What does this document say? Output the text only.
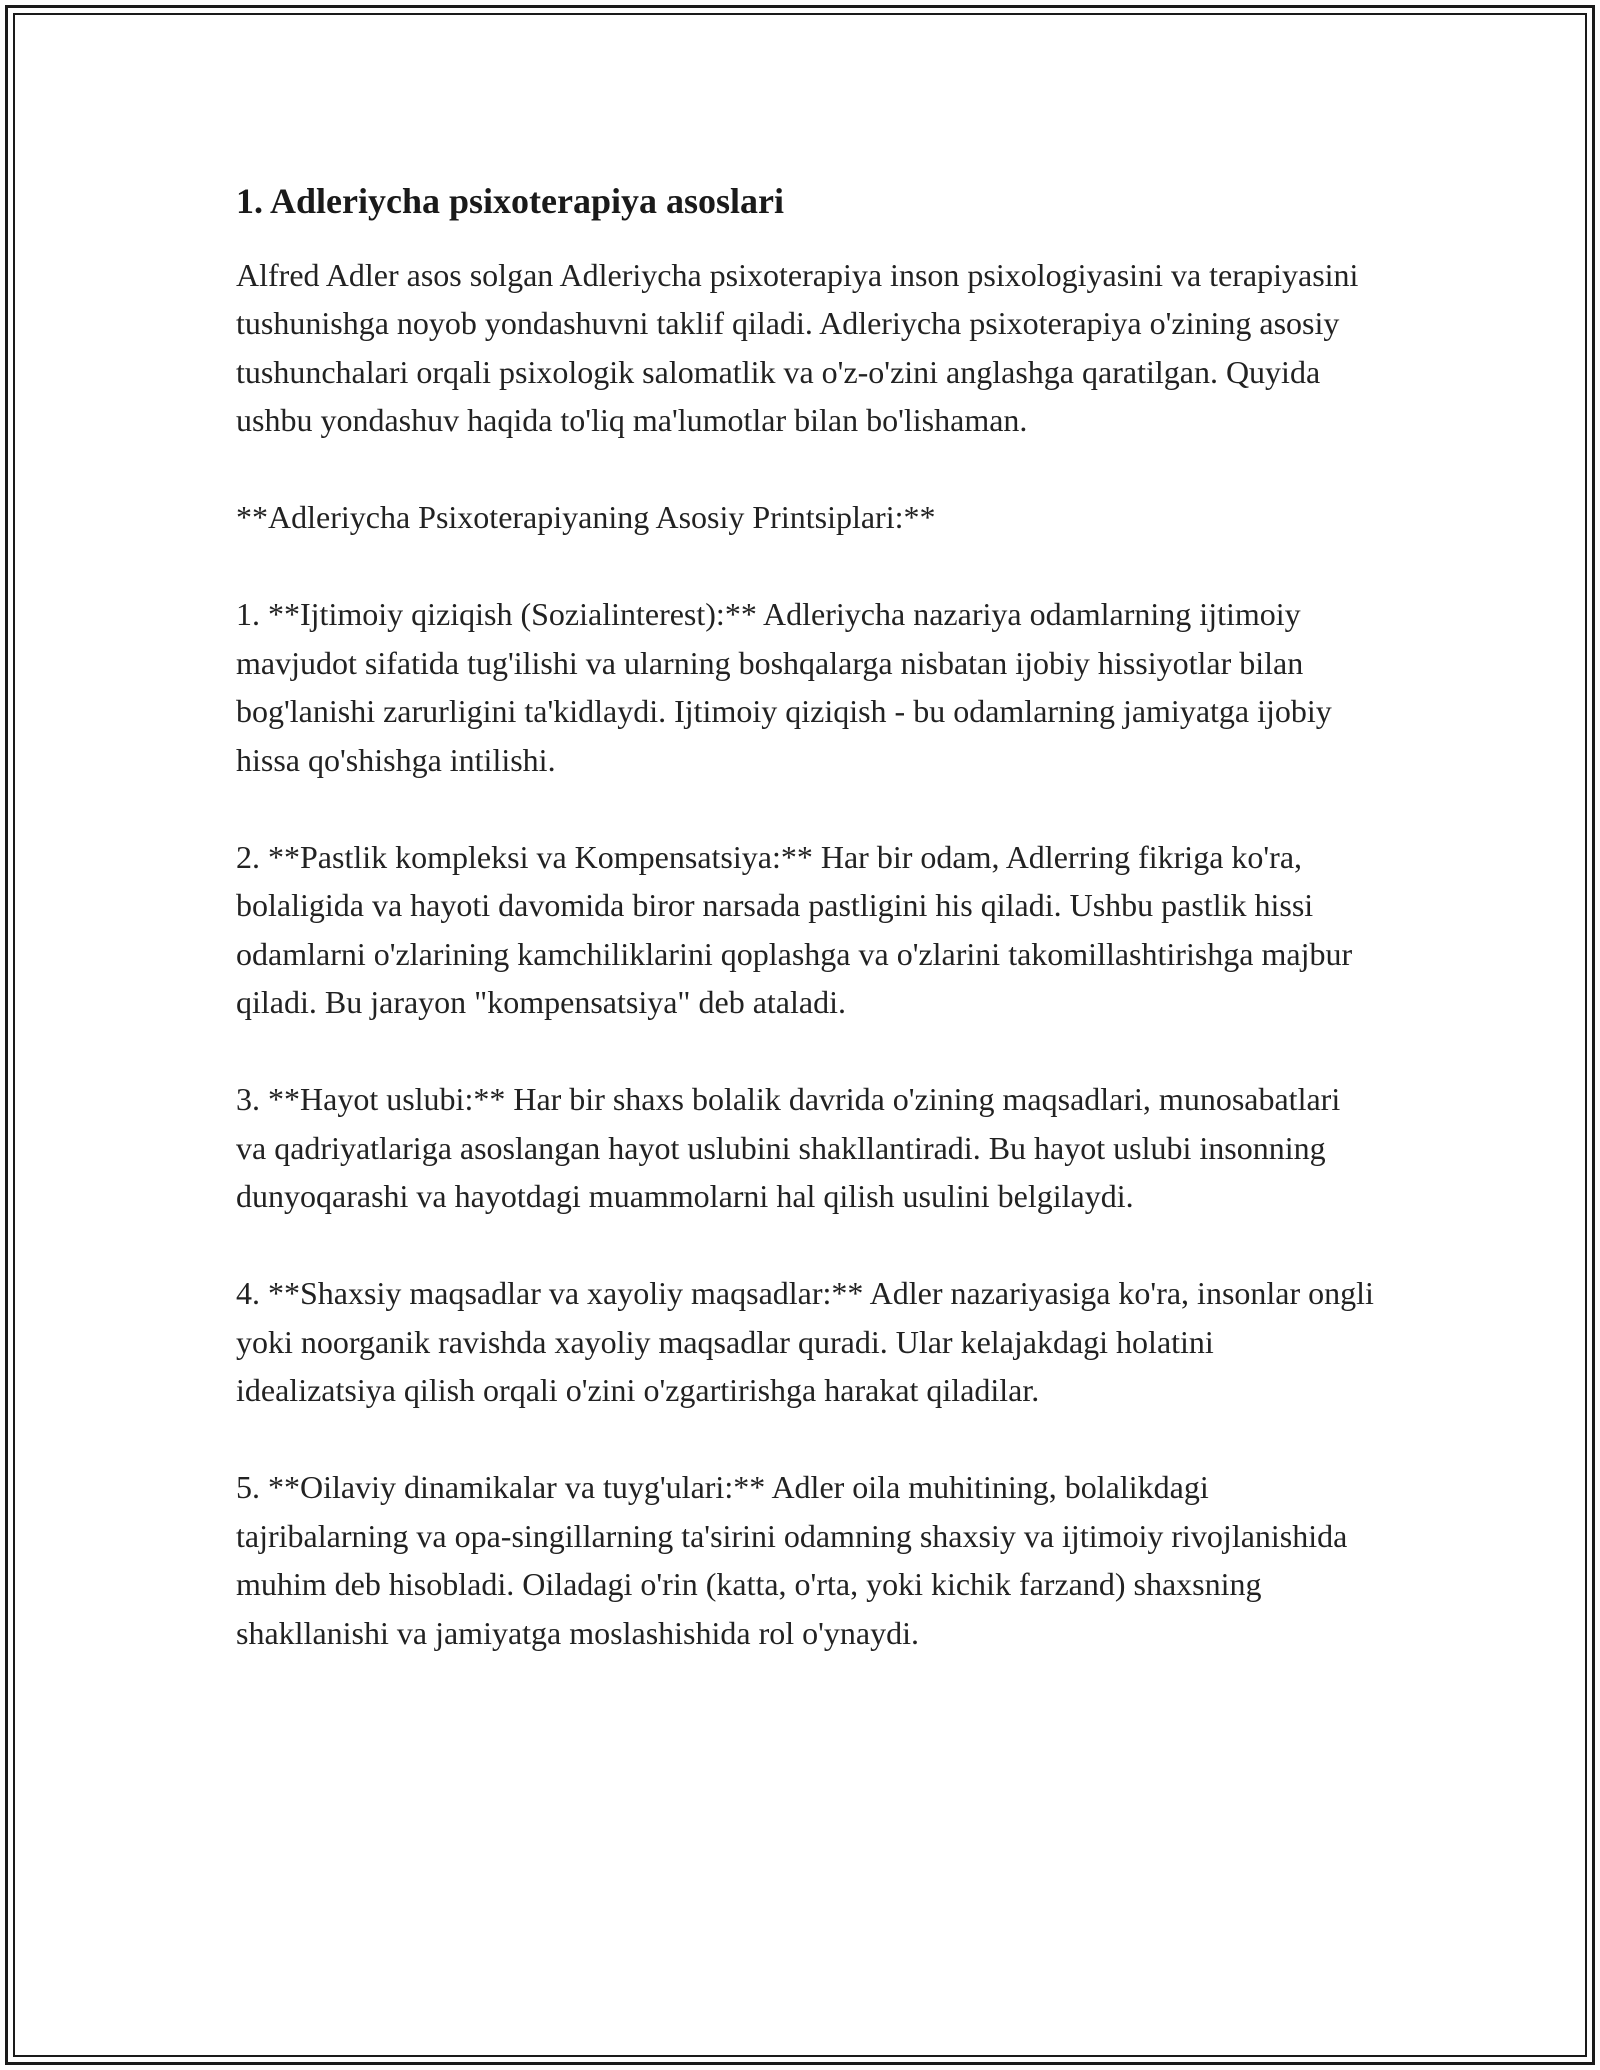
1. Adleriycha psixoterapiya asoslari

Alfred Adler asos solgan Adleriycha psixoterapiya inson psixologiyasini va terapiyasini tushunishga noyob yondashuvni taklif qiladi. Adleriycha psixoterapiya o'zining asosiy tushunchalari orqali psixologik salomatlik va o'z-o'zini anglashga qaratilgan. Quyida ushbu yondashuv haqida to'liq ma'lumotlar bilan bo'lishaman.

**Adleriycha Psixoterapiyaning Asosiy Printsiplari:**

1. **Ijtimoiy qiziqish (Sozialinterest):** Adleriycha nazariya odamlarning ijtimoiy mavjudot sifatida tug'ilishi va ularning boshqalarga nisbatan ijobiy hissiyotlar bilan bog'lanishi zarurligini ta'kidlaydi. Ijtimoiy qiziqish - bu odamlarning jamiyatga ijobiy hissa qo'shishga intilishi.

2. **Pastlik kompleksi va Kompensatsiya:** Har bir odam, Adlerring fikriga ko'ra, bolaligida va hayoti davomida biror narsada pastligini his qiladi. Ushbu pastlik hissi odamlarni o'zlarining kamchiliklarini qoplashga va o'zlarini takomillashtirishga majbur qiladi. Bu jarayon "kompensatsiya" deb ataladi.

3. **Hayot uslubi:** Har bir shaxs bolalik davrida o'zining maqsadlari, munosabatlari va qadriyatlariga asoslangan hayot uslubini shakllantiradi. Bu hayot uslubi insonning dunyoqarashi va hayotdagi muammolarni hal qilish usulini belgilaydi.

4. **Shaxsiy maqsadlar va xayoliy maqsadlar:** Adler nazariyasiga ko'ra, insonlar ongli yoki noorganik ravishda xayoliy maqsadlar quradi. Ular kelajakdagi holatini idealizatsiya qilish orqali o'zini o'zgartirishga harakat qiladilar.

5. **Oilaviy dinamikalar va tuyg'ulari:** Adler oila muhitining, bolalikdagi tajribalarning va opa-singillarning ta'sirini odamning shaxsiy va ijtimoiy rivojlanishida muhim deb hisobladi. Oiladagi o'rin (katta, o'rta, yoki kichik farzand) shaxsning shakllanishi va jamiyatga moslashishida rol o'ynaydi.
